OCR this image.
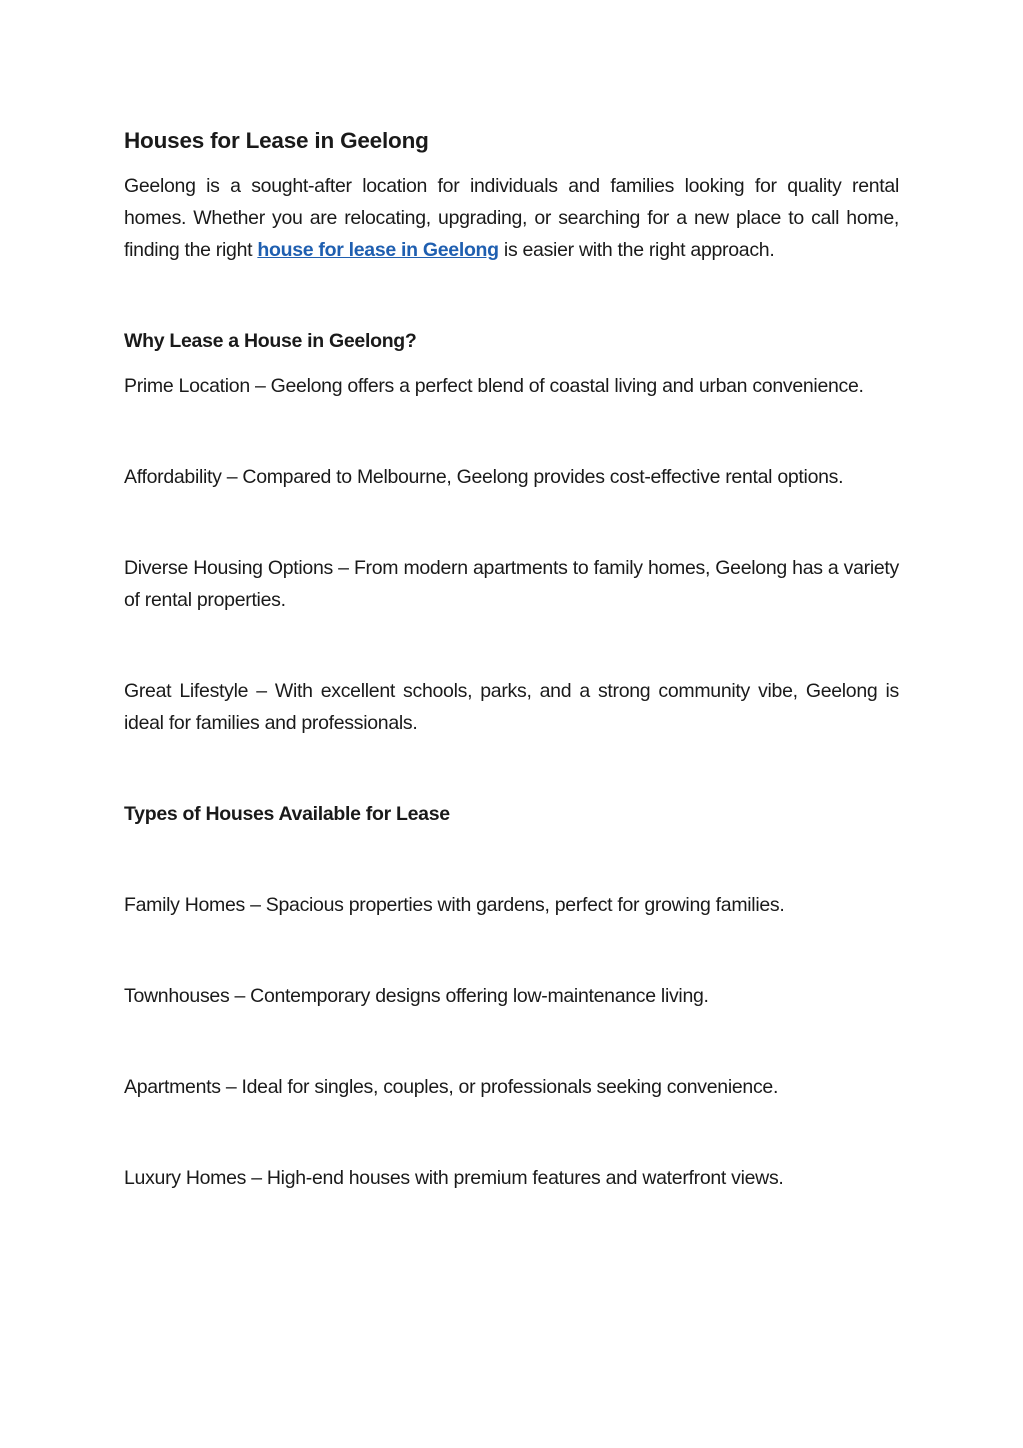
Houses for Lease in Geelong

Geelong is a sought-after location for individuals and families looking for quality rental homes. Whether you are relocating, upgrading, or searching for a new place to call home, finding the right house for lease in Geelong is easier with the right approach.

Why Lease a House in Geelong?

Prime Location – Geelong offers a perfect blend of coastal living and urban convenience.

Affordability – Compared to Melbourne, Geelong provides cost-effective rental options.

Diverse Housing Options – From modern apartments to family homes, Geelong has a variety of rental properties.

Great Lifestyle – With excellent schools, parks, and a strong community vibe, Geelong is ideal for families and professionals.

Types of Houses Available for Lease

Family Homes – Spacious properties with gardens, perfect for growing families.

Townhouses – Contemporary designs offering low-maintenance living.

Apartments – Ideal for singles, couples, or professionals seeking convenience.

Luxury Homes – High-end houses with premium features and waterfront views.
